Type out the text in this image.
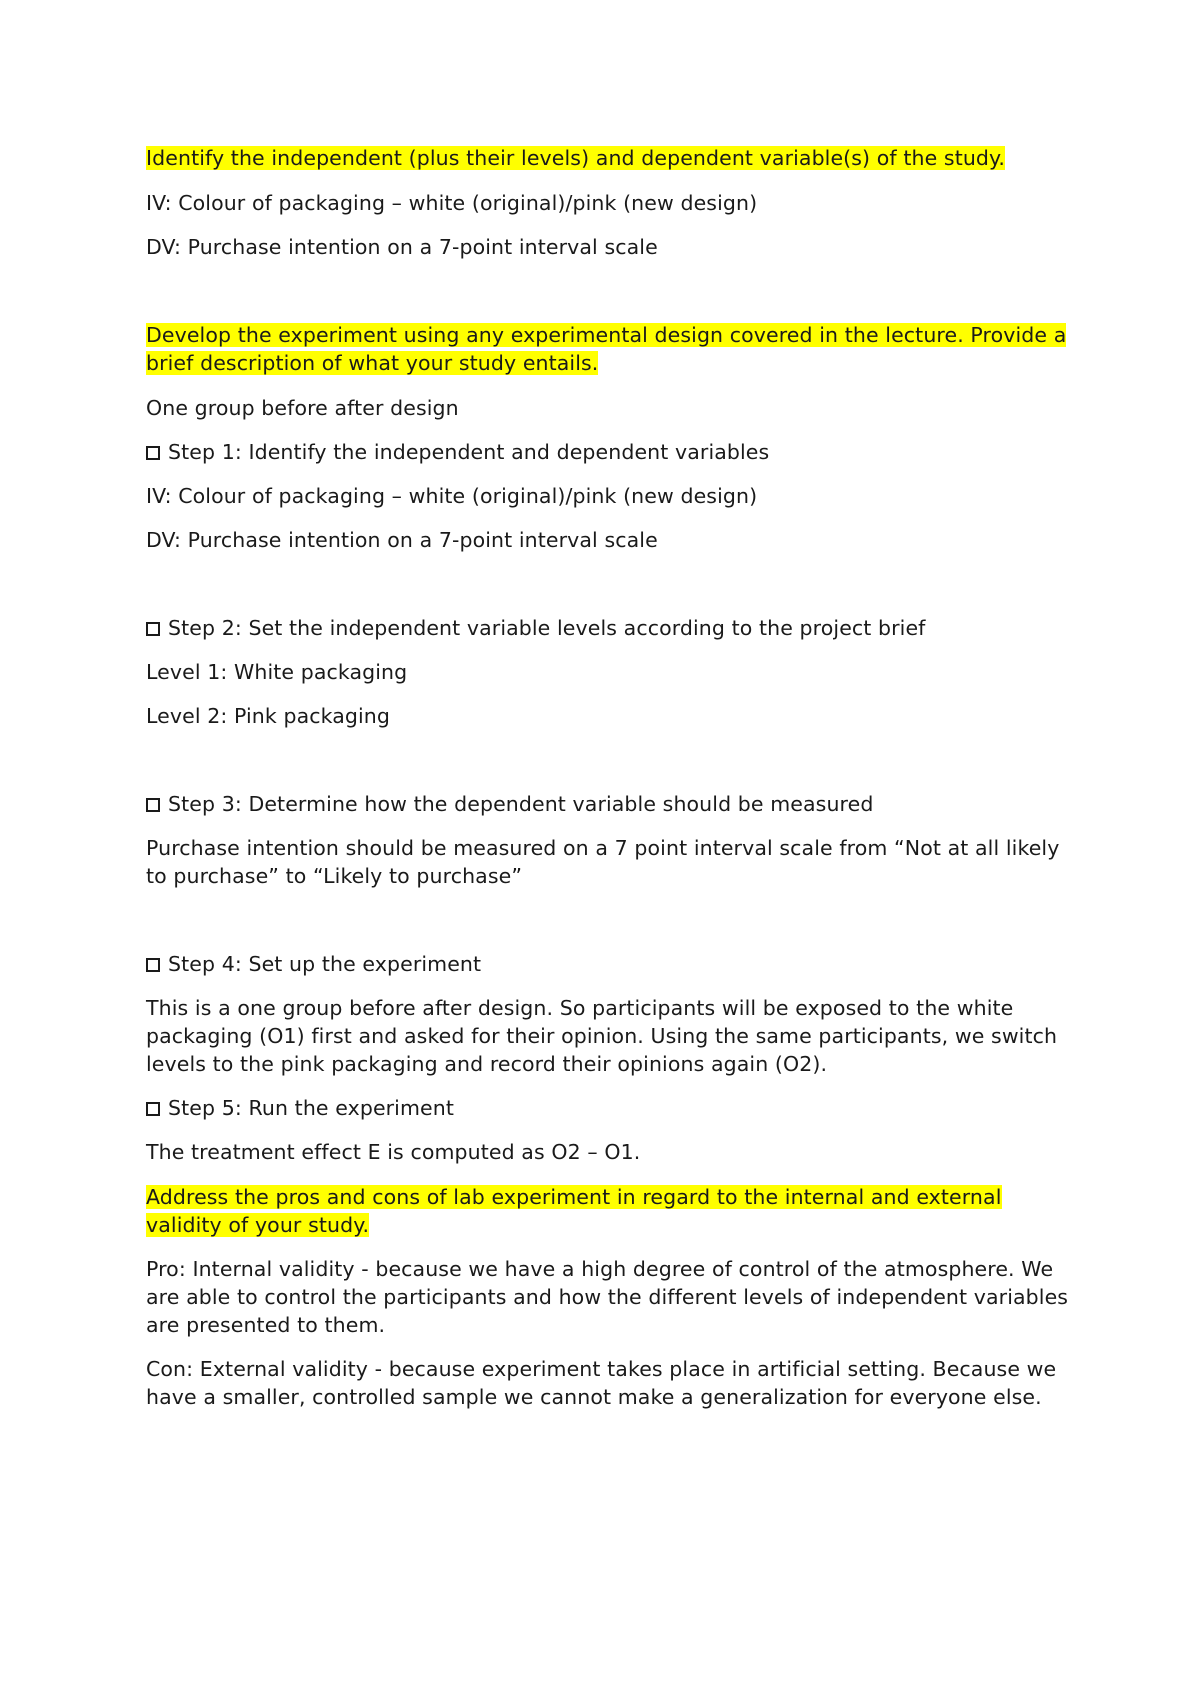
Identify the independent (plus their levels) and dependent variable(s) of the study.

IV: Colour of packaging – white (original)/pink (new design)

DV: Purchase intention on a 7-point interval scale

Develop the experiment using any experimental design covered in the lecture. Provide a brief description of what your study entails.

One group before after design

Step 1: Identify the independent and dependent variables

IV: Colour of packaging – white (original)/pink (new design)

DV: Purchase intention on a 7-point interval scale

Step 2: Set the independent variable levels according to the project brief

Level 1: White packaging

Level 2: Pink packaging

Step 3: Determine how the dependent variable should be measured

Purchase intention should be measured on a 7 point interval scale from “Not at all likely to purchase” to “Likely to purchase”

Step 4: Set up the experiment

This is a one group before after design. So participants will be exposed to the white packaging (O1) first and asked for their opinion. Using the same participants, we switch levels to the pink packaging and record their opinions again (O2).

Step 5: Run the experiment

The treatment effect E is computed as O2 – O1.

Address the pros and cons of lab experiment in regard to the internal and external validity of your study.

Pro: Internal validity - because we have a high degree of control of the atmosphere. We are able to control the participants and how the different levels of independent variables are presented to them.

Con: External validity - because experiment takes place in artificial setting. Because we have a smaller, controlled sample we cannot make a generalization for everyone else.
